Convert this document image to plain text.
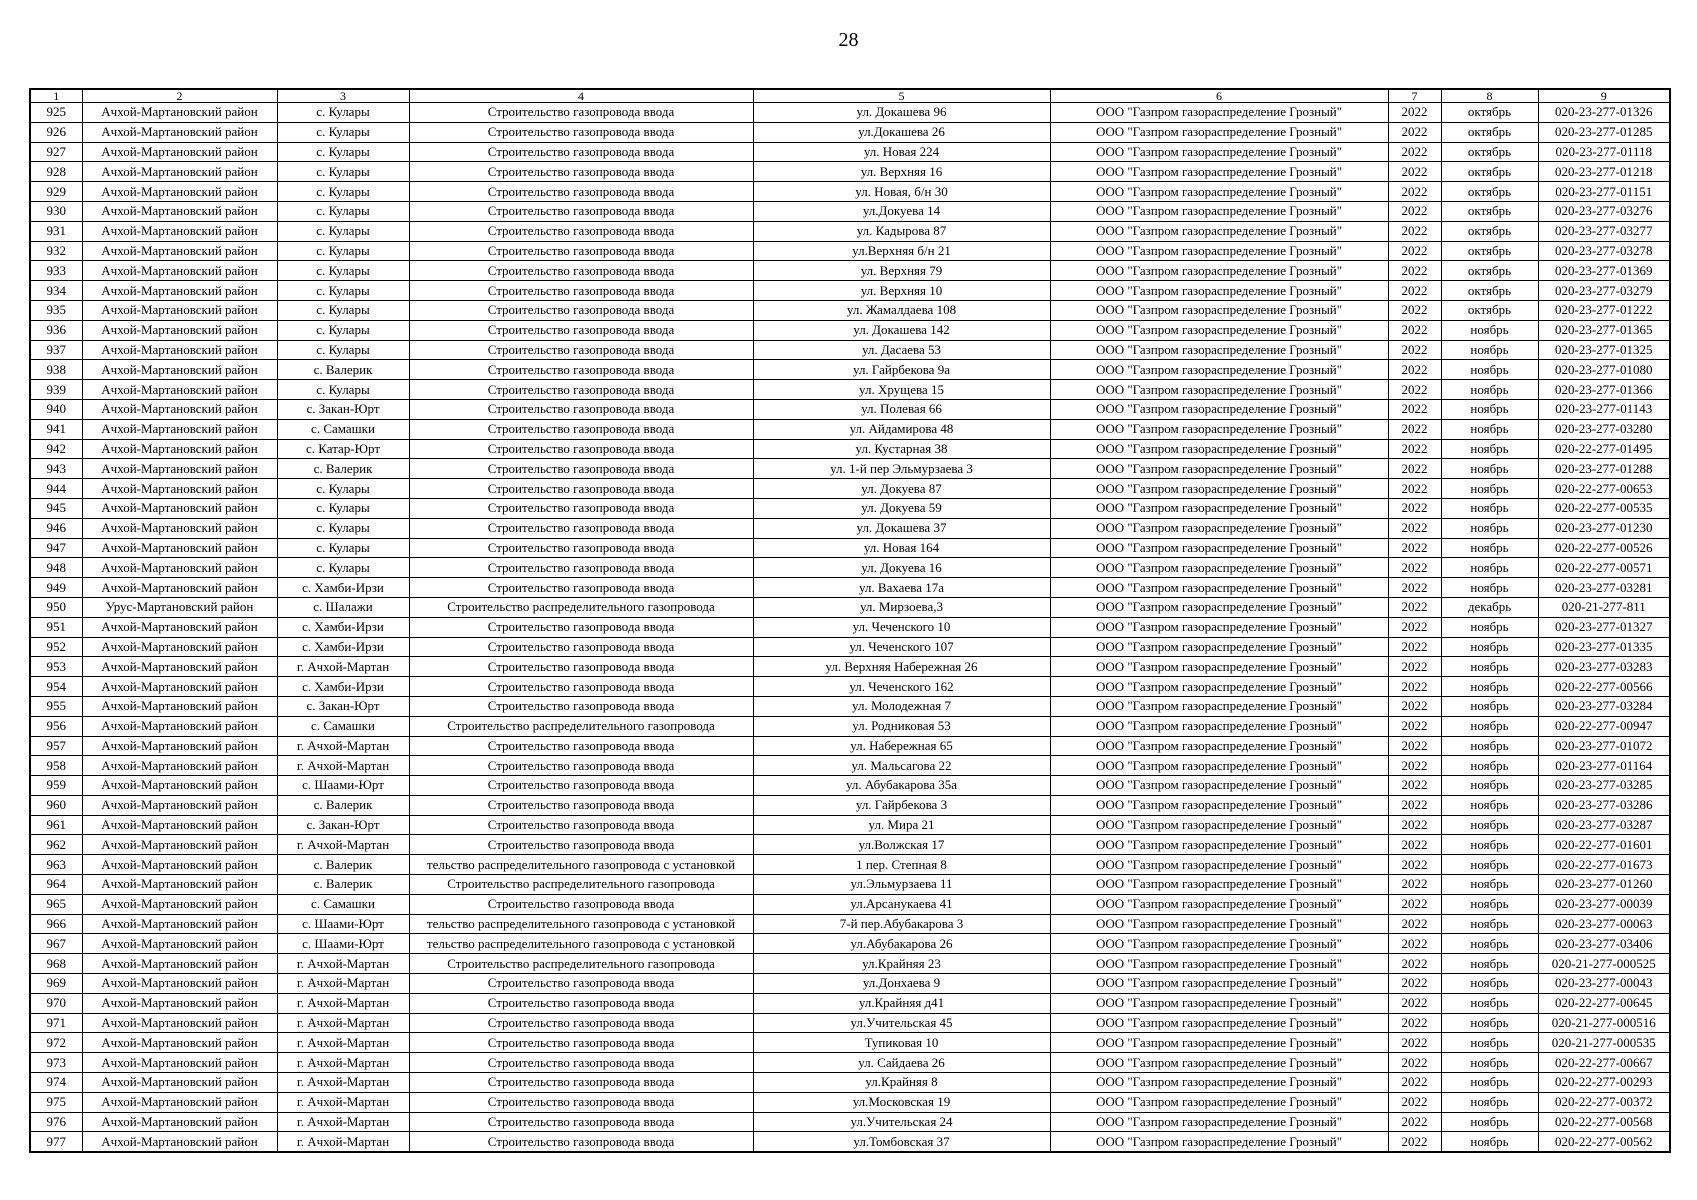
28
1	2	3	4	5	6	7	8	9
925	Ачхой-Мартановский район	с. Кулары	Строительство газопровода ввода	ул. Докашева 96	ООО "Газпром газораспределение Грозный"	2022	октябрь	020-23-277-01326
926	Ачхой-Мартановский район	с. Кулары	Строительство газопровода ввода	ул.Докашева 26	ООО "Газпром газораспределение Грозный"	2022	октябрь	020-23-277-01285
927	Ачхой-Мартановский район	с. Кулары	Строительство газопровода ввода	ул. Новая 224	ООО "Газпром газораспределение Грозный"	2022	октябрь	020-23-277-01118
928	Ачхой-Мартановский район	с. Кулары	Строительство газопровода ввода	ул. Верхняя 16	ООО "Газпром газораспределение Грозный"	2022	октябрь	020-23-277-01218
929	Ачхой-Мартановский район	с. Кулары	Строительство газопровода ввода	ул. Новая, б/н 30	ООО "Газпром газораспределение Грозный"	2022	октябрь	020-23-277-01151
930	Ачхой-Мартановский район	с. Кулары	Строительство газопровода ввода	ул.Докуева 14	ООО "Газпром газораспределение Грозный"	2022	октябрь	020-23-277-03276
931	Ачхой-Мартановский район	с. Кулары	Строительство газопровода ввода	ул. Кадырова 87	ООО "Газпром газораспределение Грозный"	2022	октябрь	020-23-277-03277
932	Ачхой-Мартановский район	с. Кулары	Строительство газопровода ввода	ул.Верхняя б/н 21	ООО "Газпром газораспределение Грозный"	2022	октябрь	020-23-277-03278
933	Ачхой-Мартановский район	с. Кулары	Строительство газопровода ввода	ул. Верхняя 79	ООО "Газпром газораспределение Грозный"	2022	октябрь	020-23-277-01369
934	Ачхой-Мартановский район	с. Кулары	Строительство газопровода ввода	ул. Верхняя 10	ООО "Газпром газораспределение Грозный"	2022	октябрь	020-23-277-03279
935	Ачхой-Мартановский район	с. Кулары	Строительство газопровода ввода	ул. Жамалдаева 108	ООО "Газпром газораспределение Грозный"	2022	октябрь	020-23-277-01222
936	Ачхой-Мартановский район	с. Кулары	Строительство газопровода ввода	ул. Докашева 142	ООО "Газпром газораспределение Грозный"	2022	ноябрь	020-23-277-01365
937	Ачхой-Мартановский район	с. Кулары	Строительство газопровода ввода	ул. Дасаева 53	ООО "Газпром газораспределение Грозный"	2022	ноябрь	020-23-277-01325
938	Ачхой-Мартановский район	с. Валерик	Строительство газопровода ввода	ул. Гайрбекова 9а	ООО "Газпром газораспределение Грозный"	2022	ноябрь	020-23-277-01080
939	Ачхой-Мартановский район	с. Кулары	Строительство газопровода ввода	ул. Хрущева 15	ООО "Газпром газораспределение Грозный"	2022	ноябрь	020-23-277-01366
940	Ачхой-Мартановский район	с. Закан-Юрт	Строительство газопровода ввода	ул. Полевая 66	ООО "Газпром газораспределение Грозный"	2022	ноябрь	020-23-277-01143
941	Ачхой-Мартановский район	с. Самашки	Строительство газопровода ввода	ул. Айдамирова 48	ООО "Газпром газораспределение Грозный"	2022	ноябрь	020-23-277-03280
942	Ачхой-Мартановский район	с. Катар-Юрт	Строительство газопровода ввода	ул. Кустарная 38	ООО "Газпром газораспределение Грозный"	2022	ноябрь	020-22-277-01495
943	Ачхой-Мартановский район	с. Валерик	Строительство газопровода ввода	ул. 1-й пер Эльмурзаева 3	ООО "Газпром газораспределение Грозный"	2022	ноябрь	020-23-277-01288
944	Ачхой-Мартановский район	с. Кулары	Строительство газопровода ввода	ул. Докуева 87	ООО "Газпром газораспределение Грозный"	2022	ноябрь	020-22-277-00653
945	Ачхой-Мартановский район	с. Кулары	Строительство газопровода ввода	ул. Докуева 59	ООО "Газпром газораспределение Грозный"	2022	ноябрь	020-22-277-00535
946	Ачхой-Мартановский район	с. Кулары	Строительство газопровода ввода	ул. Докашева 37	ООО "Газпром газораспределение Грозный"	2022	ноябрь	020-23-277-01230
947	Ачхой-Мартановский район	с. Кулары	Строительство газопровода ввода	ул. Новая 164	ООО "Газпром газораспределение Грозный"	2022	ноябрь	020-22-277-00526
948	Ачхой-Мартановский район	с. Кулары	Строительство газопровода ввода	ул. Докуева 16	ООО "Газпром газораспределение Грозный"	2022	ноябрь	020-22-277-00571
949	Ачхой-Мартановский район	с. Хамби-Ирзи	Строительство газопровода ввода	ул. Вахаева 17а	ООО "Газпром газораспределение Грозный"	2022	ноябрь	020-23-277-03281
950	Урус-Мартановский район	с. Шалажи	Строительство распределительного газопровода	ул. Мирзоева,3	ООО "Газпром газораспределение Грозный"	2022	декабрь	020-21-277-811
951	Ачхой-Мартановский район	с. Хамби-Ирзи	Строительство газопровода ввода	ул. Чеченского 10	ООО "Газпром газораспределение Грозный"	2022	ноябрь	020-23-277-01327
952	Ачхой-Мартановский район	с. Хамби-Ирзи	Строительство газопровода ввода	ул. Чеченского 107	ООО "Газпром газораспределение Грозный"	2022	ноябрь	020-23-277-01335
953	Ачхой-Мартановский район	г. Ачхой-Мартан	Строительство газопровода ввода	ул. Верхняя Набережная 26	ООО "Газпром газораспределение Грозный"	2022	ноябрь	020-23-277-03283
954	Ачхой-Мартановский район	с. Хамби-Ирзи	Строительство газопровода ввода	ул. Чеченского 162	ООО "Газпром газораспределение Грозный"	2022	ноябрь	020-22-277-00566
955	Ачхой-Мартановский район	с. Закан-Юрт	Строительство газопровода ввода	ул. Молодежная 7	ООО "Газпром газораспределение Грозный"	2022	ноябрь	020-23-277-03284
956	Ачхой-Мартановский район	с. Самашки	Строительство распределительного газопровода	ул. Родниковая 53	ООО "Газпром газораспределение Грозный"	2022	ноябрь	020-22-277-00947
957	Ачхой-Мартановский район	г. Ачхой-Мартан	Строительство газопровода ввода	ул. Набережная 65	ООО "Газпром газораспределение Грозный"	2022	ноябрь	020-23-277-01072
958	Ачхой-Мартановский район	г. Ачхой-Мартан	Строительство газопровода ввода	ул. Мальсагова 22	ООО "Газпром газораспределение Грозный"	2022	ноябрь	020-23-277-01164
959	Ачхой-Мартановский район	с. Шаами-Юрт	Строительство газопровода ввода	ул. Абубакарова 35а	ООО "Газпром газораспределение Грозный"	2022	ноябрь	020-23-277-03285
960	Ачхой-Мартановский район	с. Валерик	Строительство газопровода ввода	ул. Гайрбекова 3	ООО "Газпром газораспределение Грозный"	2022	ноябрь	020-23-277-03286
961	Ачхой-Мартановский район	с. Закан-Юрт	Строительство газопровода ввода	ул. Мира 21	ООО "Газпром газораспределение Грозный"	2022	ноябрь	020-23-277-03287
962	Ачхой-Мартановский район	г. Ачхой-Мартан	Строительство газопровода ввода	ул.Волжская 17	ООО "Газпром газораспределение Грозный"	2022	ноябрь	020-22-277-01601
963	Ачхой-Мартановский район	с. Валерик	тельство распределительного газопровода с установкой	1 пер. Степная 8	ООО "Газпром газораспределение Грозный"	2022	ноябрь	020-22-277-01673
964	Ачхой-Мартановский район	с. Валерик	Строительство распределительного газопровода	ул.Эльмурзаева 11	ООО "Газпром газораспределение Грозный"	2022	ноябрь	020-23-277-01260
965	Ачхой-Мартановский район	с. Самашки	Строительство газопровода ввода	ул.Арсанукаева 41	ООО "Газпром газораспределение Грозный"	2022	ноябрь	020-23-277-00039
966	Ачхой-Мартановский район	с. Шаами-Юрт	тельство распределительного газопровода с установкой	7-й пер.Абубакарова 3	ООО "Газпром газораспределение Грозный"	2022	ноябрь	020-23-277-00063
967	Ачхой-Мартановский район	с. Шаами-Юрт	тельство распределительного газопровода с установкой	ул.Абубакарова 26	ООО "Газпром газораспределение Грозный"	2022	ноябрь	020-23-277-03406
968	Ачхой-Мартановский район	г. Ачхой-Мартан	Строительство распределительного газопровода	ул.Крайняя 23	ООО "Газпром газораспределение Грозный"	2022	ноябрь	020-21-277-000525
969	Ачхой-Мартановский район	г. Ачхой-Мартан	Строительство газопровода ввода	ул.Донхаева 9	ООО "Газпром газораспределение Грозный"	2022	ноябрь	020-23-277-00043
970	Ачхой-Мартановский район	г. Ачхой-Мартан	Строительство газопровода ввода	ул.Крайняя д41	ООО "Газпром газораспределение Грозный"	2022	ноябрь	020-22-277-00645
971	Ачхой-Мартановский район	г. Ачхой-Мартан	Строительство газопровода ввода	ул.Учительская 45	ООО "Газпром газораспределение Грозный"	2022	ноябрь	020-21-277-000516
972	Ачхой-Мартановский район	г. Ачхой-Мартан	Строительство газопровода ввода	Тупиковая 10	ООО "Газпром газораспределение Грозный"	2022	ноябрь	020-21-277-000535
973	Ачхой-Мартановский район	г. Ачхой-Мартан	Строительство газопровода ввода	ул. Сайдаева 26	ООО "Газпром газораспределение Грозный"	2022	ноябрь	020-22-277-00667
974	Ачхой-Мартановский район	г. Ачхой-Мартан	Строительство газопровода ввода	ул.Крайняя 8	ООО "Газпром газораспределение Грозный"	2022	ноябрь	020-22-277-00293
975	Ачхой-Мартановский район	г. Ачхой-Мартан	Строительство газопровода ввода	ул.Московская 19	ООО "Газпром газораспределение Грозный"	2022	ноябрь	020-22-277-00372
976	Ачхой-Мартановский район	г. Ачхой-Мартан	Строительство газопровода ввода	ул.Учительская 24	ООО "Газпром газораспределение Грозный"	2022	ноябрь	020-22-277-00568
977	Ачхой-Мартановский район	г. Ачхой-Мартан	Строительство газопровода ввода	ул.Томбовская 37	ООО "Газпром газораспределение Грозный"	2022	ноябрь	020-22-277-00562
